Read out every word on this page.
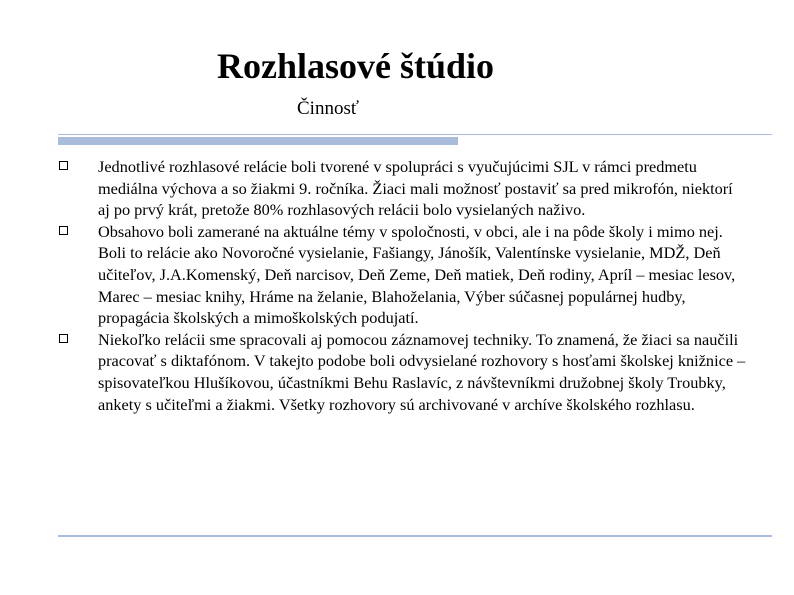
Rozhlasové štúdio
Činnosť

Jednotlivé rozhlasové relácie boli tvorené v spolupráci s vyučujúcimi SJL v rámci predmetu mediálna výchova a so žiakmi 9. ročníka. Žiaci mali možnosť postaviť sa pred mikrofón, niektorí aj po prvý krát, pretože 80% rozhlasových relácii bolo vysielaných naživo.

Obsahovo boli zamerané na aktuálne témy v spoločnosti, v obci, ale i na pôde školy i mimo nej. Boli to relácie ako Novoročné vysielanie, Fašiangy, Jánošík, Valentínske vysielanie, MDŽ, Deň učiteľov, J.A.Komenský, Deň narcisov, Deň Zeme, Deň matiek, Deň rodiny, Apríl – mesiac lesov, Marec – mesiac knihy, Hráme na želanie, Blahoželania, Výber súčasnej populárnej hudby, propagácia školských a mimoškolských podujatí.

Niekoľko relácii sme spracovali aj pomocou záznamovej techniky. To znamená, že žiaci sa naučili pracovať s diktafónom. V takejto podobe boli odvysielané rozhovory s hosťami školskej knižnice – spisovateľkou Hlušíkovou, účastníkmi Behu Raslavíc, z návštevníkmi družobnej školy Troubky, ankety s učiteľmi a žiakmi. Všetky rozhovory sú archivované v archíve školského rozhlasu.
